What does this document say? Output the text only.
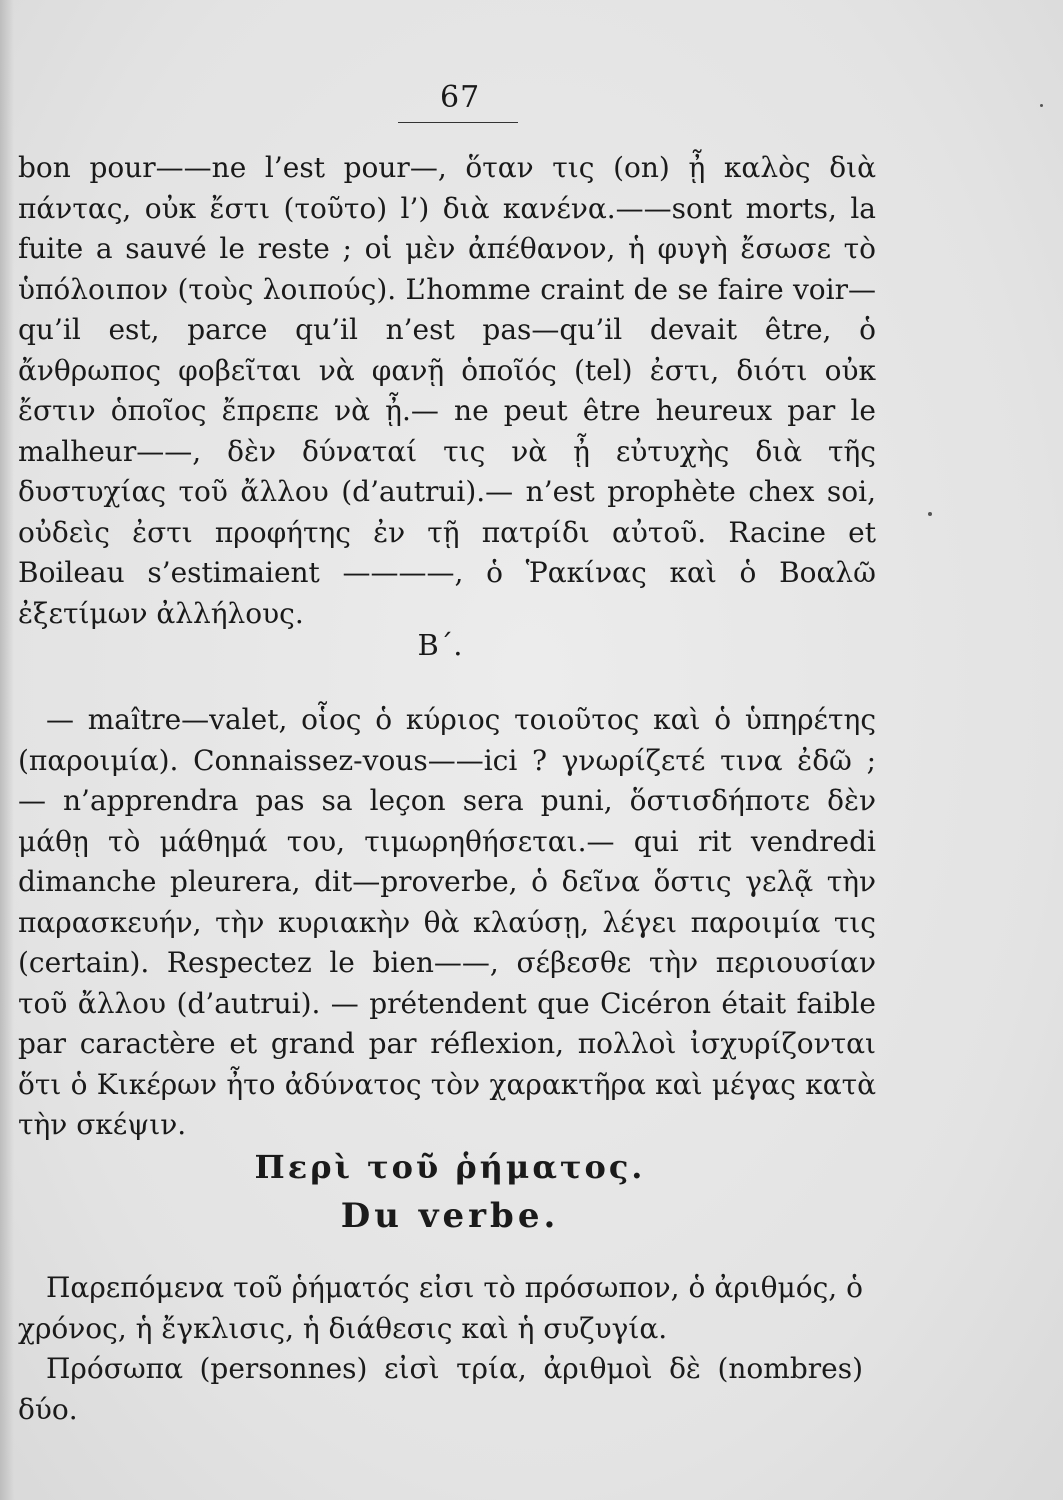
67

bon pour——ne l’est pour—, ὅταν τις (on) ᾖ καλὸς διὰ πάντας, οὐκ ἔστι (τοῦτο) l’) διὰ κανένα.——sont morts, la fuite a sauvé le reste ; οἱ μὲν ἀπέθανον, ἡ φυγὴ ἔσωσε τὸ ὑπόλοιπον (τοὺς λοιπούς). L’homme craint de se faire voir—qu’il est, parce qu’il n’est pas—qu’il devait être, ὁ ἄνθρωπος φοβεῖται νὰ φανῇ ὁποῖός (tel) ἐστι, διότι οὐκ ἔστιν ὁποῖος ἔπρεπε νὰ ᾖ.— ne peut être heureux par le malheur——, δὲν δύναταί τις νὰ ᾖ εὐτυχὴς διὰ τῆς δυστυχίας τοῦ ἄλλου (d’autrui).— n’est prophète chex soi, οὐδεὶς ἐστι προφήτης ἐν τῇ πατρίδι αὐτοῦ. Racine et Boileau s’estimaient ————, ὁ Ῥακίνας καὶ ὁ Βοαλῶ ἐξετίμων ἀλλήλους.

Β΄.

— maître—valet, οἷος ὁ κύριος τοιοῦτος καὶ ὁ ὑπηρέτης (παροιμία). Connaissez-vous——ici ? γνωρίζετέ τινα ἐδῶ ; — n’apprendra pas sa leçon sera puni, ὅστισδήποτε δὲν μάθῃ τὸ μάθημά του, τιμωρηθήσεται.— qui rit vendredi dimanche pleurera, dit—proverbe, ὁ δεῖνα ὅστις γελᾷ τὴν παρασκευήν, τὴν κυριακὴν θὰ κλαύσῃ, λέγει παροιμία τις (certain). Respectez le bien——, σέβεσθε τὴν περιουσίαν τοῦ ἄλλου (d’autrui). — prétendent que Cicéron était faible par caractère et grand par réflexion, πολλοὶ ἰσχυρίζονται ὅτι ὁ Κικέρων ἦτο ἀδύνατος τὸν χαρακτῆρα καὶ μέγας κατὰ τὴν σκέψιν.

Περὶ τοῦ ῥήματος.
Du verbe.

Παρεπόμενα τοῦ ῥήματός εἰσι τὸ πρόσωπον, ὁ ἀριθμός, ὁ χρόνος, ἡ ἔγκλισις, ἡ διάθεσις καὶ ἡ συζυγία.

Πρόσωπα (personnes) εἰσὶ τρία, ἀριθμοὶ δὲ (nombres) δύο.
